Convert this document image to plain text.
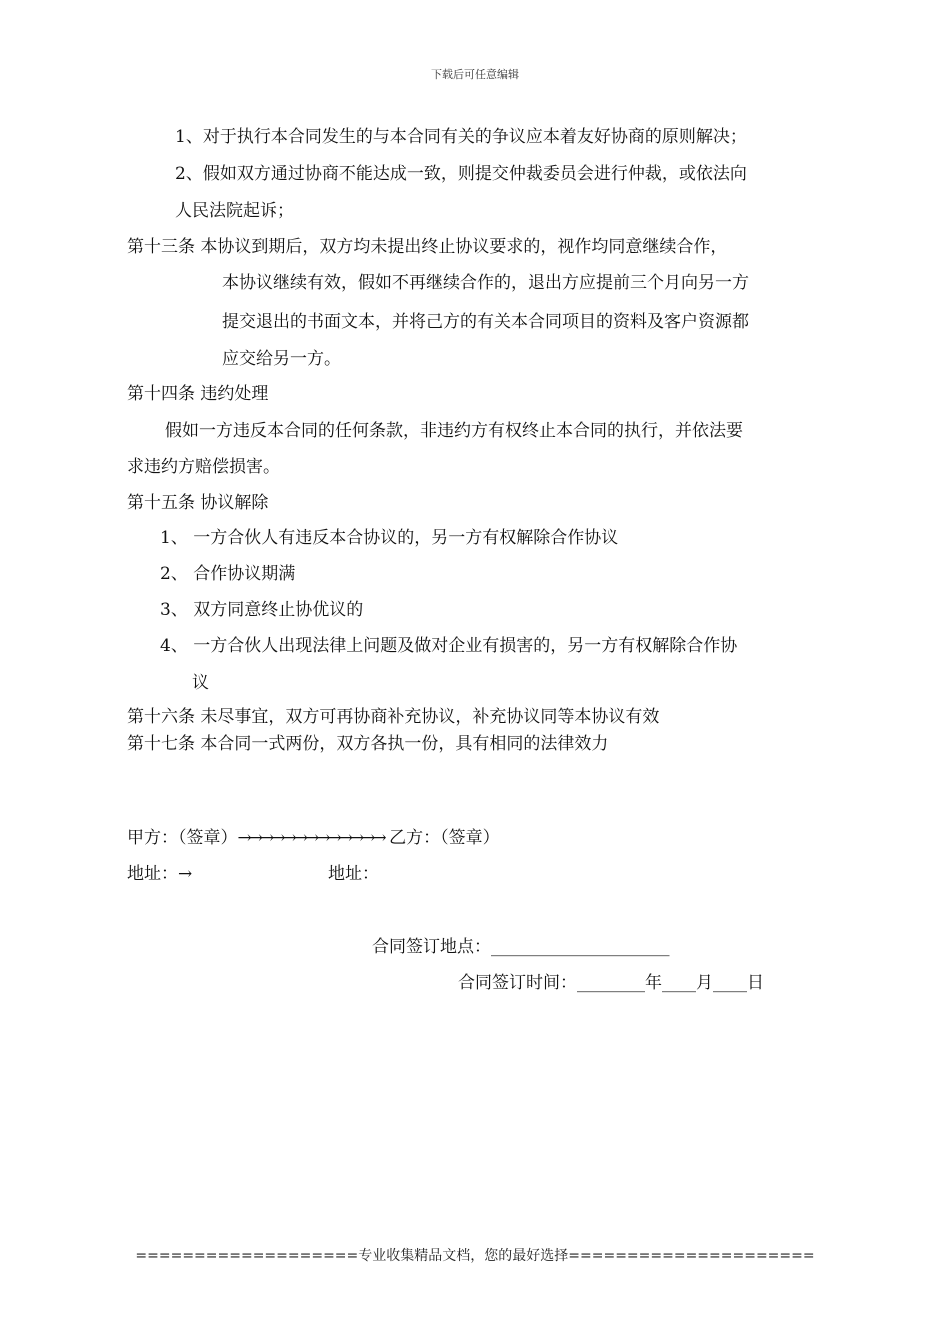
下载后可任意编辑
1、对于执行本合同发生的与本合同有关的争议应本着友好协商的原则解决；
2、假如双方通过协商不能达成一致，则提交仲裁委员会进行仲裁，或依法向
人民法院起诉；
第十三条 本协议到期后，双方均未提出终止协议要求的，视作均同意继续合作，
本协议继续有效，假如不再继续合作的，退出方应提前三个月向另一方
提交退出的书面文本，并将己方的有关本合同项目的资料及客户资源都
应交给另一方。
第十四条 违约处理
假如一方违反本合同的任何条款，非违约方有权终止本合同的执行，并依法要
求违约方赔偿损害。
第十五条 协议解除
1、 一方合伙人有违反本合协议的，另一方有权解除合作协议
2、 合作协议期满
3、 双方同意终止协优议的
4、 一方合伙人出现法律上问题及做对企业有损害的，另一方有权解除合作协
议
第十六条 未尽事宜，双方可再协商补充协议，补充协议同等本协议有效
第十七条 本合同一式两份，双方各执一份，具有相同的法律效力
甲方：（签章）→→→→→→→→→→→→→ 乙方：（签章）
地址：→	地址：
合同签订地点：_____________________
合同签订时间：________年____月____日
===================专业收集精品文档，您的最好选择=====================
